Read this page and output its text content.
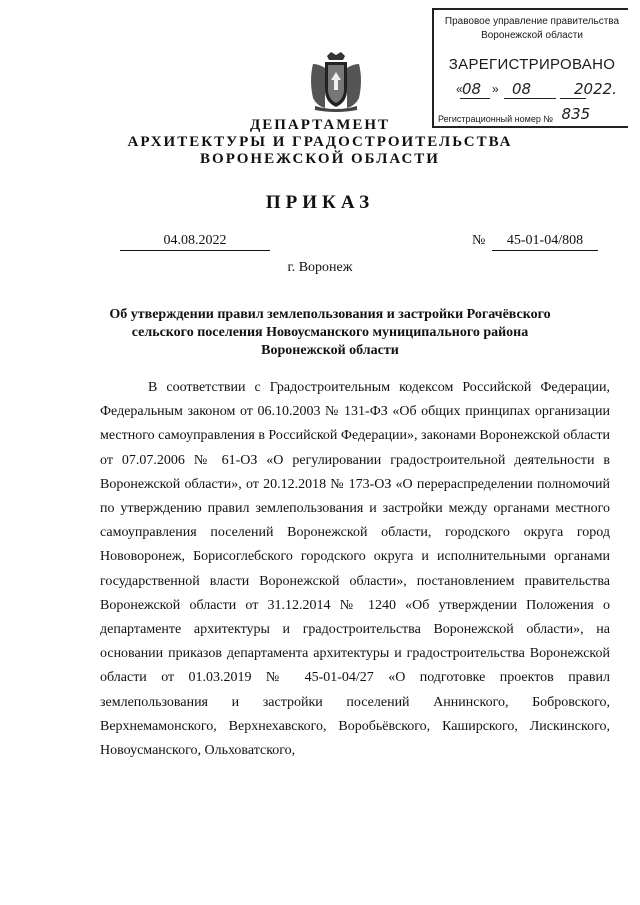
Правовое управление правительства
Воронежской области
ЗАРЕГИСТРИРОВАНО
« 08 » 08	2022.
Регистрационный номер № 835
ДЕПАРТАМЕНТ
АРХИТЕКТУРЫ И ГРАДОСТРОИТЕЛЬСТВА
ВОРОНЕЖСКОЙ ОБЛАСТИ
ПРИКАЗ
04.08.2022	№	45-01-04/808
г. Воронеж
Об утверждении правил землепользования и застройки Рогачёвского сельского поселения Новоусманского муниципального района Воронежской области

В соответствии с Градостроительным кодексом Российской Федерации, Федеральным законом от 06.10.2003 № 131-ФЗ «Об общих принципах организации местного самоуправления в Российской Федерации», законами Воронежской области от 07.07.2006 № 61-ОЗ «О регулировании градостроительной деятельности в Воронежской области», от 20.12.2018 № 173-ОЗ «О перераспределении полномочий по утверждению правил землепользования и застройки между органами местного самоуправления поселений Воронежской области, городского округа город Нововоронеж, Борисоглебского городского округа и исполнительными органами государственной власти Воронежской области», постановлением правительства Воронежской области от 31.12.2014 № 1240 «Об утверждении Положения о департаменте архитектуры и градостроительства Воронежской области», на основании приказов департамента архитектуры и градостроительства Воронежской области от 01.03.2019 № 45-01-04/27 «О подготовке проектов правил землепользования и застройки поселений Аннинского, Бобровского, Верхнемамонского, Верхнехавского, Воробьёвского, Каширского, Лискинского, Новоусманского, Ольховатского,
